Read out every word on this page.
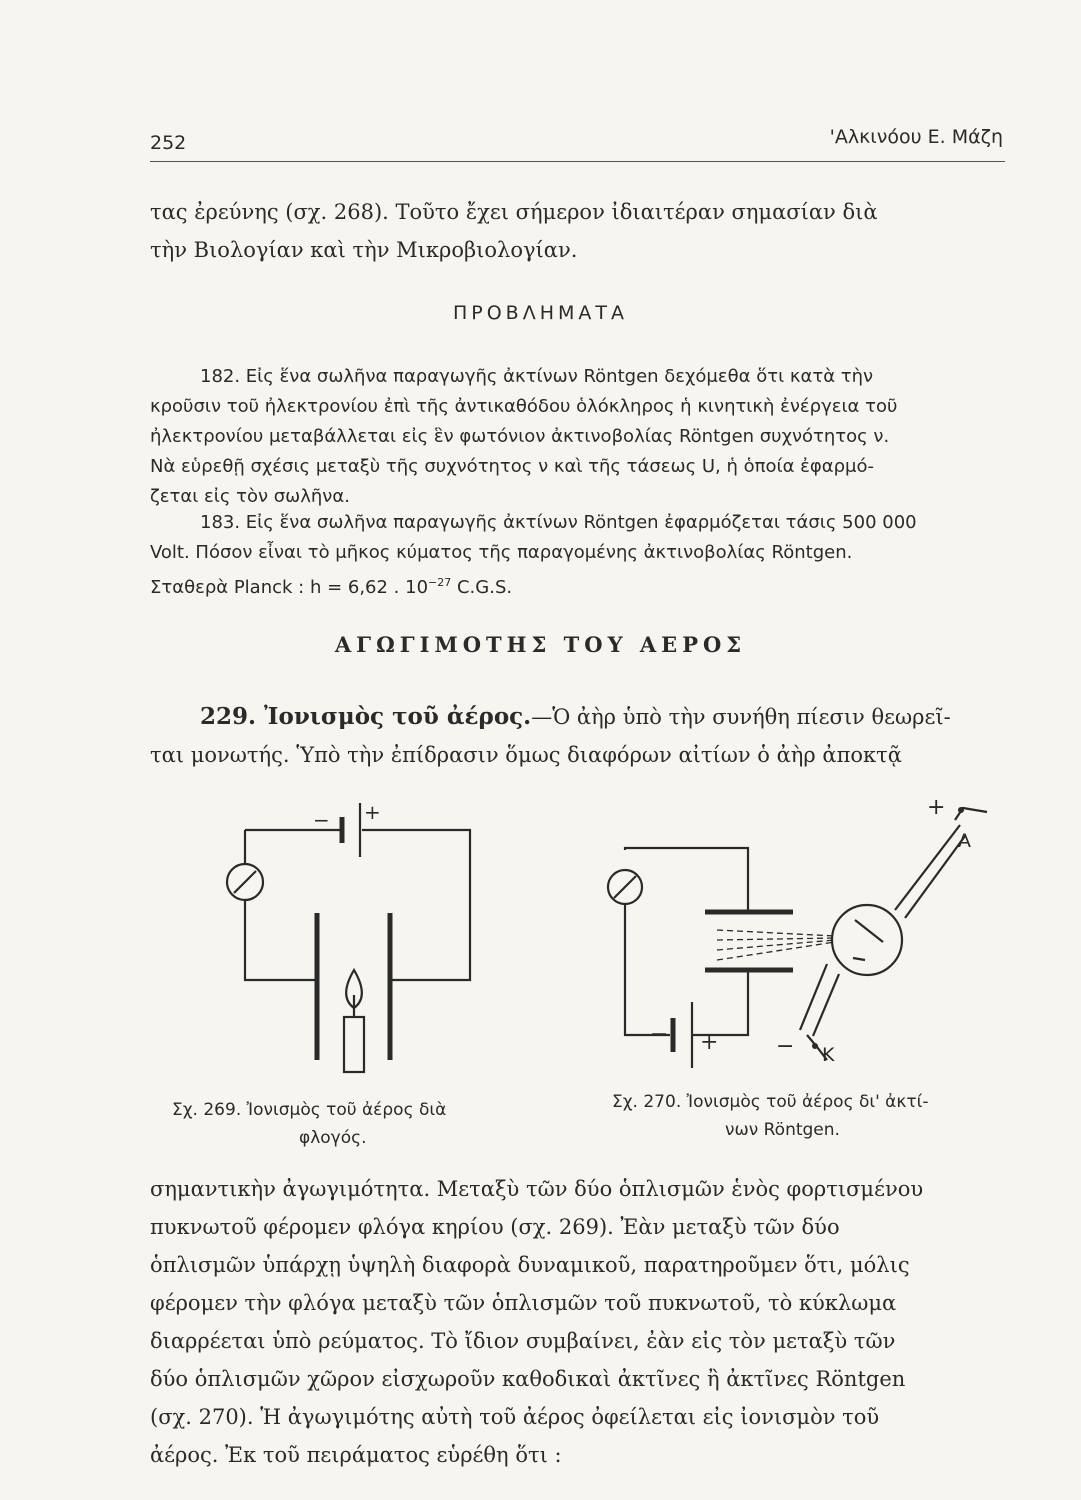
252	'Αλκινόου Ε. Μάζη

τας ἐρεύνης (σχ. 268). Τοῦτο ἔχει σήμερον ἰδιαιτέραν σημασίαν διὰ

τὴν Βιολογίαν καὶ τὴν Μικροβιολογίαν.

ΠΡΟΒΛΗΜΑΤΑ

182. Εἰς ἕνα σωλῆνα παραγωγῆς ἀκτίνων Röntgen δεχόμεθα ὅτι κατὰ τὴν

κροῦσιν τοῦ ἠλεκτρονίου ἐπὶ τῆς ἀντικαθόδου ὁλόκληρος ἡ κινητικὴ ἐνέργεια τοῦ

ἠλεκτρονίου μεταβάλλεται εἰς ἓν φωτόνιον ἀκτινοβολίας Röntgen συχνότητος ν.

Νὰ εὑρεθῇ σχέσις μεταξὺ τῆς συχνότητος ν καὶ τῆς τάσεως U, ἡ ὁποία ἐφαρμό-

ζεται εἰς τὸν σωλῆνα.

183. Εἰς ἕνα σωλῆνα παραγωγῆς ἀκτίνων Röntgen ἐφαρμόζεται τάσις 500 000

Volt. Πόσον εἶναι τὸ μῆκος κύματος τῆς παραγομένης ἀκτινοβολίας Röntgen.

Σταθερὰ Planck : h = 6,62 . $10^{-27}$ C.G.S.

ΑΓΩΓΙΜΟΤΗΣ ΤΟΥ ΑΕΡΟΣ

229. Ἰονισμὸς τοῦ ἀέρος.—Ὁ ἀὴρ ὑπὸ τὴν συνήθη πίεσιν θεωρεῖ-

ται μονωτής. Ὑπὸ τὴν ἐπίδρασιν ὅμως διαφόρων αἰτίων ὁ ἀὴρ ἀποκτᾷ

− +
Σχ. 269. Ἰονισμὸς τοῦ ἀέρος διὰ
φλογός.
+
A
− K
− +
Σχ. 270. Ἰονισμὸς τοῦ ἀέρος δι' ἀκτί-
νων Röntgen.

σημαντικὴν ἀγωγιμότητα. Μεταξὺ τῶν δύο ὁπλισμῶν ἑνὸς φορτισμένου

πυκνωτοῦ φέρομεν φλόγα κηρίου (σχ. 269). Ἐὰν μεταξὺ τῶν δύο

ὁπλισμῶν ὑπάρχῃ ὑψηλὴ διαφορὰ δυναμικοῦ, παρατηροῦμεν ὅτι, μόλις

φέρομεν τὴν φλόγα μεταξὺ τῶν ὁπλισμῶν τοῦ πυκνωτοῦ, τὸ κύκλωμα

διαρρέεται ὑπὸ ρεύματος. Τὸ ἴδιον συμβαίνει, ἐὰν εἰς τὸν μεταξὺ τῶν

δύο ὁπλισμῶν χῶρον εἰσχωροῦν καθοδικαὶ ἀκτῖνες ἢ ἀκτῖνες Röntgen

(σχ. 270). Ἡ ἀγωγιμότης αὐτὴ τοῦ ἀέρος ὀφείλεται εἰς ἰονισμὸν τοῦ

ἀέρος. Ἐκ τοῦ πειράματος εὑρέθη ὅτι :
